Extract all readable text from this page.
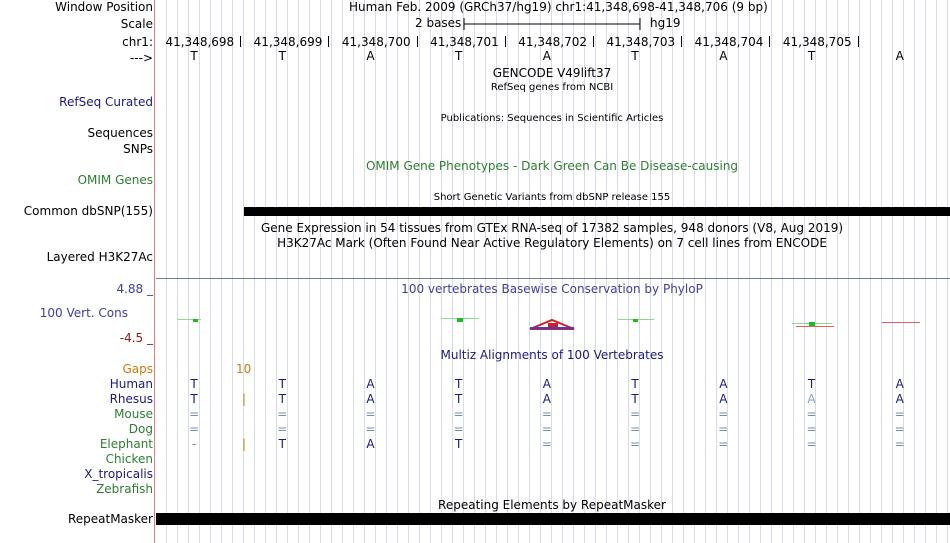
Window Position	Human Feb. 2009 (GRCh37/hg19) chr1:41,348,698-41,348,706 (9 bp)
Scale	2 bases	hg19
chr1:	41,348,698	41,348,699	41,348,700	41,348,701	41,348,702	41,348,703	41,348,704	41,348,705
--->	T	T	A	T	A	T	A	T	A
GENCODE V49lift37
RefSeq genes from NCBI
RefSeq Curated
Publications: Sequences in Scientific Articles
Sequences
SNPs
OMIM Gene Phenotypes - Dark Green Can Be Disease-causing
OMIM Genes
Short Genetic Variants from dbSNP release 155
Common dbSNP(155)
Gene Expression in 54 tissues from GTEx RNA-seq of 17382 samples, 948 donors (V8, Aug 2019)
H3K27Ac Mark (Often Found Near Active Regulatory Elements) on 7 cell lines from ENCODE
Layered H3K27Ac
4.88 _	100 vertebrates Basewise Conservation by PhyloP
100 Vert. Cons
-4.5 _
Multiz Alignments of 100 Vertebrates
Gaps	10
Human	T	T	A	T	A	T	A	T	A
Rhesus	T	T	A	T	A	T	A	A	A
|
Mouse	=	=	=	=	=	=	=	=	=
Dog	=	=	=	=	=	=	=	=	=
Elephant	-	T	A	T	=	=	=	=	=
|
Chicken
X_tropicalis
Zebrafish
Repeating Elements by RepeatMasker
RepeatMasker
